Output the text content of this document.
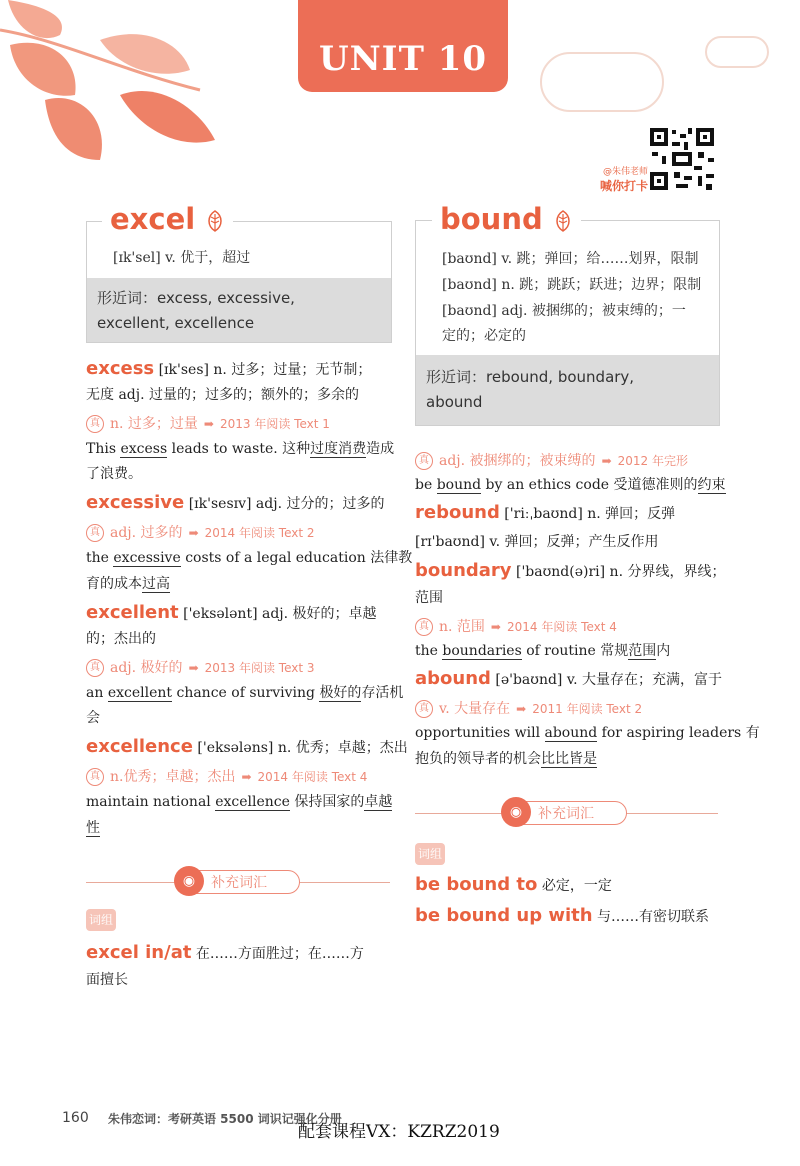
UNIT 10
@朱伟老师
喊你打卡
[ɪk'sel] v. 优于，超过
形近词：excess, excessive,
excellent, excellence
excel
[baʊnd] v. 跳；弹回；给……划界，限制
[baʊnd] n. 跳；跳跃；跃进；边界；限制
[baʊnd] adj. 被捆绑的；被束缚的；一
定的；必定的
形近词：rebound, boundary,
abound
bound
excess [ɪk'ses] n. 过多；过量；无节制；
无度 adj. 过量的；过多的；额外的；多余的
真 n. 过多；过量 ➡ 2013 年阅读 Text 1
This excess leads to waste. 这种过度消费造成
了浪费。
excessive [ɪk'sesɪv] adj. 过分的；过多的
真 adj. 过多的 ➡ 2014 年阅读 Text 2
the excessive costs of a legal education 法律教
育的成本过高
excellent ['eksələnt] adj. 极好的；卓越
的；杰出的
真 adj. 极好的 ➡ 2013 年阅读 Text 3
an excellent chance of surviving 极好的存活机
会
excellence ['eksələns] n. 优秀；卓越；杰出
真 n.优秀；卓越；杰出 ➡ 2014 年阅读 Text 4
maintain national excellence 保持国家的卓越
性
补充词汇
◉
词组
excel in/at 在……方面胜过；在……方
面擅长
真 adj. 被捆绑的；被束缚的 ➡ 2012 年完形
be bound by an ethics code 受道德准则的约束
rebound ['riːˌbaʊnd] n. 弹回；反弹
[rɪ'baʊnd] v. 弹回；反弹；产生反作用
boundary ['baʊnd(ə)ri] n. 分界线，界线；
范围
真 n. 范围 ➡ 2014 年阅读 Text 4
the boundaries of routine 常规范围内
abound [ə'baʊnd] v. 大量存在；充满，富于
真 v. 大量存在 ➡ 2011 年阅读 Text 2
opportunities will abound for aspiring leaders 有
抱负的领导者的机会比比皆是
补充词汇
◉
词组
be bound to 必定，一定
be bound up with 与……有密切联系
160 朱伟恋词：考研英语 5500 词识记强化分册
配套课程VX：KZRZ2019
